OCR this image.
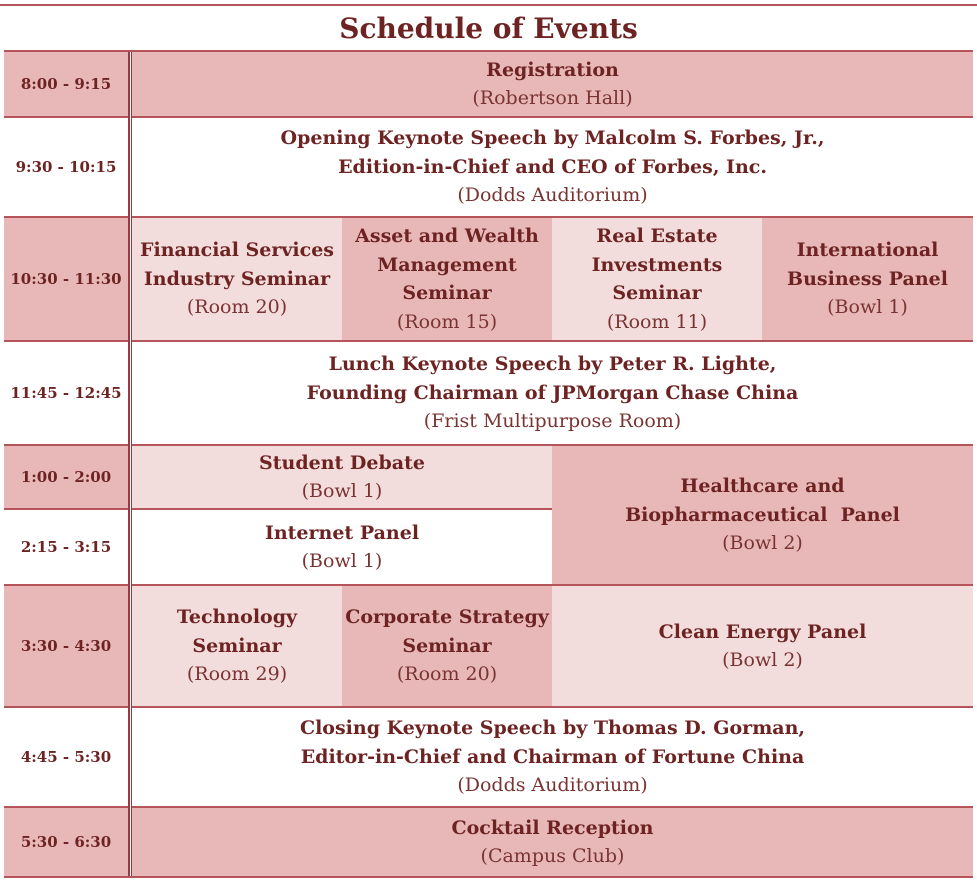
Schedule of Events
8:00 - 9:15
9:30 - 10:15
10:30 - 11:30
11:45 - 12:45
1:00 - 2:00
2:15 - 3:15
3:30 - 4:30
4:45 - 5:30
5:30 - 6:30
Registration
(Robertson Hall)
Opening Keynote Speech by Malcolm S. Forbes, Jr.,
Edition-in-Chief and CEO of Forbes, Inc.
(Dodds Auditorium)
Financial Services
Industry Seminar
(Room 20)
Asset and Wealth
Management
Seminar
(Room 15)
Real Estate
Investments
Seminar
(Room 11)
International
Business Panel
(Bowl 1)
Lunch Keynote Speech by Peter R. Lighte,
Founding Chairman of JPMorgan Chase China
(Frist Multipurpose Room)
Student Debate
(Bowl 1)	Healthcare and
Biopharmaceutical  Panel
(Bowl 2)
Internet Panel
(Bowl 1)
Technology
Seminar
(Room 29)
Corporate Strategy
Seminar
(Room 20)
Clean Energy Panel
(Bowl 2)
Closing Keynote Speech by Thomas D. Gorman,
Editor-in-Chief and Chairman of Fortune China
(Dodds Auditorium)
Cocktail Reception
(Campus Club)
